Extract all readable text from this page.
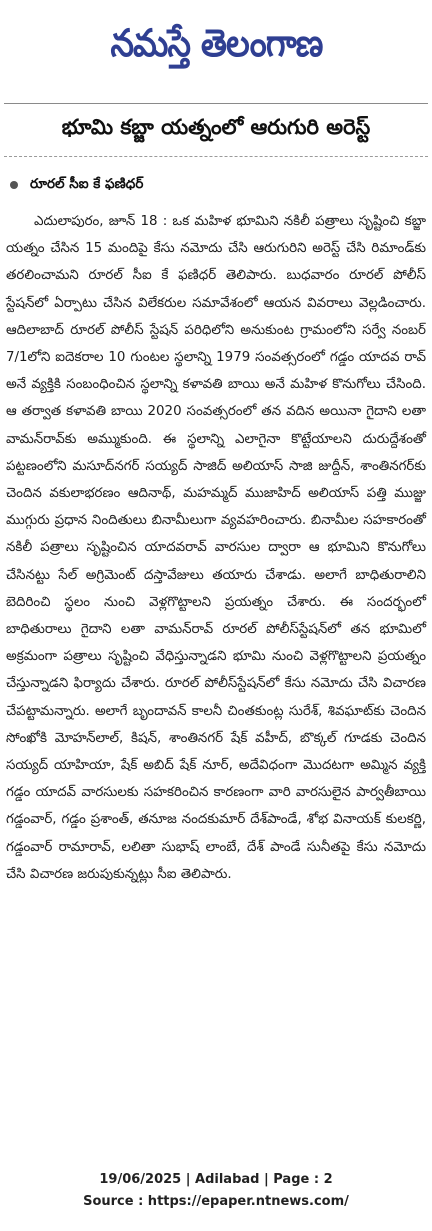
నమస్తే తెలంగాణ
భూమి కబ్జా యత్నంలో ఆరుగురి అరెస్ట్
రూరల్ సీఐ కే ఫణిధర్

ఎదులాపురం, జూన్ 18 : ఒక మహిళ భూమిని నకిలీ పత్రాలు సృష్టించి కబ్జా యత్నం చేసిన 15 మందిపై కేసు నమోదు చేసి ఆరుగురిని అరెస్ట్ చేసి రిమాండ్‌కు తరలించామని రూరల్ సీఐ కే ఫణిధర్ తెలిపారు. బుధవారం రూరల్ పోలీస్ స్టేషన్‌లో ఏర్పాటు చేసిన విలేకరుల సమావేశంలో ఆయన వివరాలు వెల్లడించారు. ఆదిలాబాద్ రూరల్ పోలీస్ స్టేషన్ పరిధిలోని అనుకుంట గ్రామంలోని సర్వే నంబర్ 7/1లోని ఐదెకరాల 10 గుంటల స్థలాన్ని 1979 సంవత్సరంలో గడ్డం యాదవ రావ్ అనే వ్యక్తికి సంబంధించిన స్థలాన్ని కళావతి బాయి అనే మహిళ కొనుగోలు చేసింది. ఆ తర్వాత కళావతి బాయి 2020 సంవత్సరంలో తన వదిన అయినా గైదాని లతా వామన్‌రావ్‌కు అమ్ముకుంది. ఈ స్థలాన్ని ఎలాగైనా కొట్టేయాలని దురుద్దేశంతో పట్టణంలోని మసూద్‌నగర్ సయ్యద్ సాజిద్ అలియాస్ సాజి జుద్దీన్, శాంతినగర్‌కు చెందిన వకులాభరణం ఆదినాథ్, మహమ్మద్ ముజాహిద్ అలియాస్ పత్తి ముజ్జు ముగ్గురు ప్రధాన నిందితులు బినామీలుగా వ్యవహరించారు. బినామీల సహకారంతో నకిలీ పత్రాలు సృష్టించిన యాదవరావ్ వారసుల ద్వారా ఆ భూమిని కొనుగోలు చేసినట్టు సేల్ అగ్రిమెంట్ దస్తావేజులు తయారు చేశాడు. అలాగే బాధితురాలిని బెదిరించి స్థలం నుంచి వెళ్లగొట్టాలని ప్రయత్నం చేశారు. ఈ సందర్భంలో బాధితురాలు గైదాని లతా వామన్‌రావ్ రూరల్ పోలీస్‌స్టేషన్‌లో తన భూమిలో అక్రమంగా పత్రాలు సృష్టించి వేధిస్తున్నాడని భూమి నుంచి వెళ్లగొట్టాలని ప్రయత్నం చేస్తున్నాడని ఫిర్యాదు చేశారు. రూరల్ పోలీస్‌స్టేషన్‌లో కేసు నమోదు చేసి విచారణ చేపట్టామన్నారు. అలాగే బృందావన్ కాలనీ చింతకుంట్ల సురేశ్, శివఘాట్‌కు చెందిన సోంఖోకి మోహన్‌లాల్, కిషన్, శాంతినగర్ షేక్ వహీద్, బొక్కల్ గూడకు చెందిన సయ్యద్ యాహియా, షేక్ అబిద్ షేక్ నూర్, అదేవిధంగా మొదటగా అమ్మిన వ్యక్తి గడ్డం యాదవ్ వారసులకు సహకరించిన కారణంగా వారి వారసులైన పార్వతీబాయి గడ్డంవార్, గడ్డం ప్రశాంత్, తనూజ నందకుమార్ దేశ్‌పాండే, శోభ వినాయక్ కులకర్ణి, గడ్డంవార్ రామారావ్, లలితా సుభాష్ లాంబే, దేశ్ పాండే సునీతపై కేసు నమోదు చేసి విచారణ జరుపుకున్నట్లు సీఐ తెలిపారు.

19/06/2025 | Adilabad | Page : 2
Source : https://epaper.ntnews.com/
